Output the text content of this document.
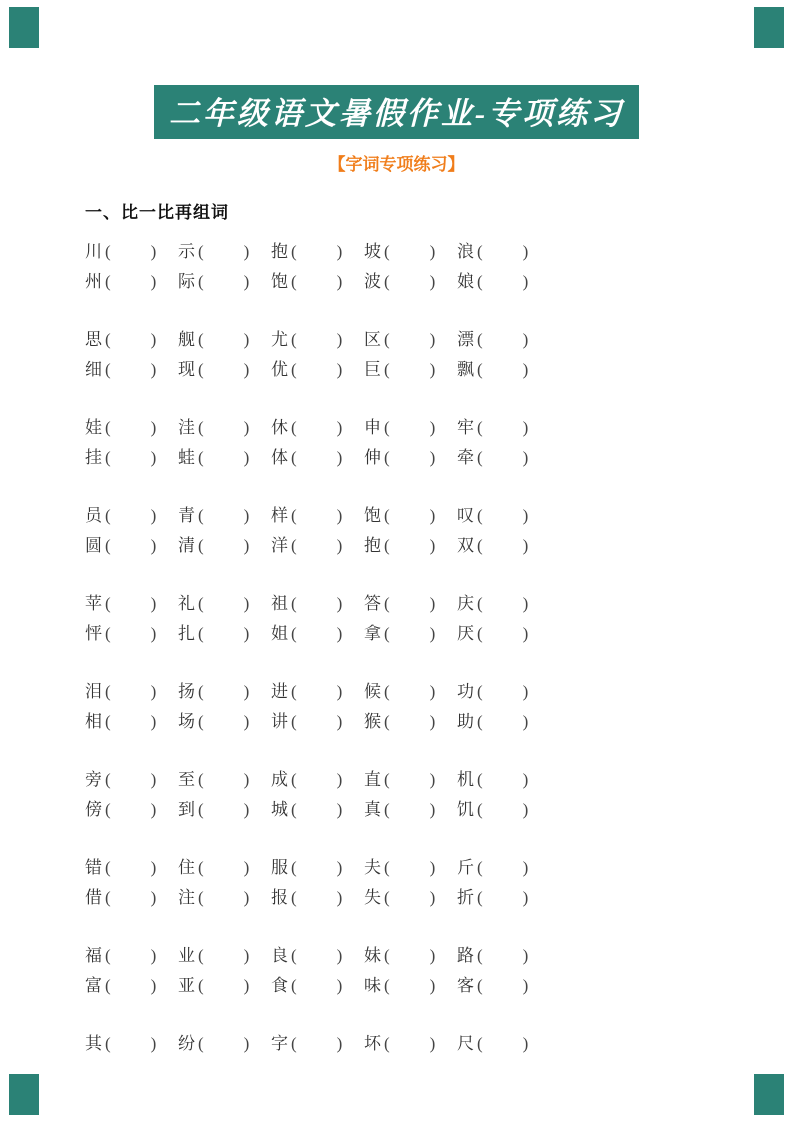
二年级语文暑假作业-专项练习
【字词专项练习】
一、比一比再组词
川 ( ) 示 ( ) 抱 ( ) 坡 ( ) 浪 ( )
州 ( ) 际 ( ) 饱 ( ) 波 ( ) 娘 ( )
思 ( ) 舰 ( ) 尤 ( ) 区 ( ) 漂 ( )
细 ( ) 现 ( ) 优 ( ) 巨 ( ) 飘 ( )
娃 ( ) 洼 ( ) 休 ( ) 申 ( ) 牢 ( )
挂 ( ) 蛙 ( ) 体 ( ) 伸 ( ) 牵 ( )
员 ( ) 青 ( ) 样 ( ) 饱 ( ) 叹 ( )
圆 ( ) 清 ( ) 洋 ( ) 抱 ( ) 双 ( )
苹 ( ) 礼 ( ) 祖 ( ) 答 ( ) 庆 ( )
怦 ( ) 扎 ( ) 姐 ( ) 拿 ( ) 厌 ( )
泪 ( ) 扬 ( ) 进 ( ) 候 ( ) 功 ( )
相 ( ) 场 ( ) 讲 ( ) 猴 ( ) 助 ( )
旁 ( ) 至 ( ) 成 ( ) 直 ( ) 机 ( )
傍 ( ) 到 ( ) 城 ( ) 真 ( ) 饥 ( )
错 ( ) 住 ( ) 服 ( ) 夫 ( ) 斤 ( )
借 ( ) 注 ( ) 报 ( ) 失 ( ) 折 ( )
福 ( ) 业 ( ) 良 ( ) 妹 ( ) 路 ( )
富 ( ) 亚 ( ) 食 ( ) 味 ( ) 客 ( )
其 ( ) 纷 ( ) 字 ( ) 坏 ( ) 尺 ( )
